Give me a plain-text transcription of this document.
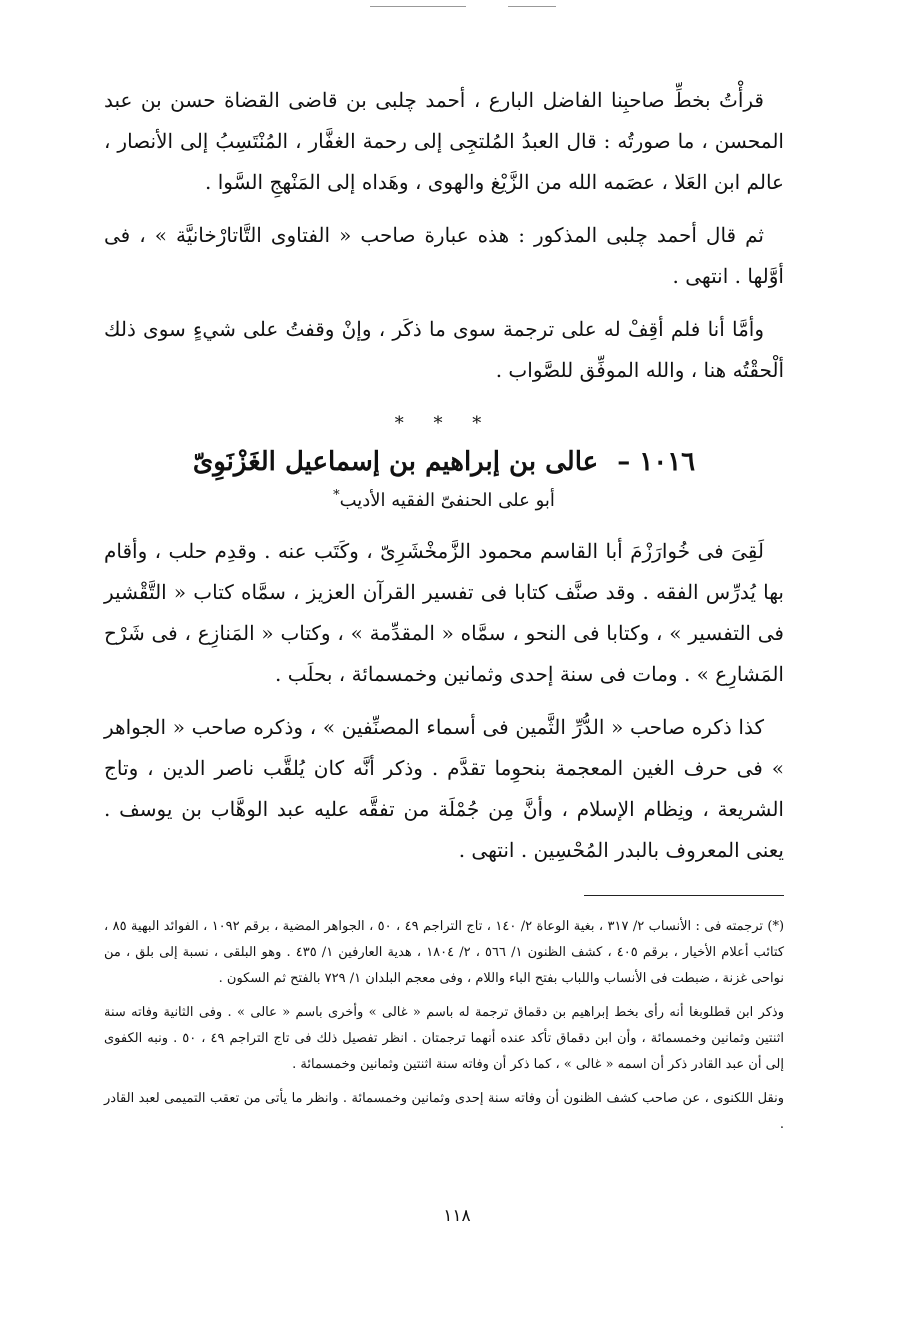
قرأْتُ بخطِّ صاحبِنا الفاضل البارع ، أحمد چلبى بن قاضى القضاة حسن بن عبد المحسن ، ما صورتُه : قال العبدُ المُلتجِى إلى رحمة الغفَّار ، المُنْتَسِبُ إلى الأنصار ، عالم ابن العَلا ، عصَمه الله من الزَّيْغ والهوى ، وهَداه إلى المَنْهجِ السَّوا .

ثم قال أحمد چلبى المذكور : هذه عبارة صاحب « الفتاوى التَّاتارْخانيَّة » ، فى أوَّلها . انتهى .

وأمَّا أنا فلم أقِفْ له على ترجمة سوى ما ذكَر ، وإنْ وقفتُ على شيءٍ سوى ذلك ألْحقْتُه هنا ، والله الموفِّق للصَّواب .

* * *
١٠١٦ – عالى بن إبراهيم بن إسماعيل الغَزْنَوِىّ
أبو على الحنفىّ الفقيه الأديب*

لَقِىَ فى خُوارَزْمَ أبا القاسم محمود الزَّمخْشَرِىّ ، وكَتَب عنه . وقدِم حلب ، وأقام بها يُدرِّس الفقه . وقد صنَّف كتابا فى تفسير القرآن العزيز ، سمَّاه كتاب « التَّقْشير فى التفسير » ، وكتابا فى النحو ، سمَّاه « المقدِّمة » ، وكتاب « المَنازِع ، فى شَرْح المَشارِع » . ومات فى سنة إحدى وثمانين وخمسمائة ، بحلَب .

كذا ذكره صاحب « الدُّرِّ الثَّمين فى أسماء المصنِّفين » ، وذكره صاحب « الجواهر » فى حرف الغين المعجمة بنحوِما تقدَّم . وذكر أنَّه كان يُلقَّب ناصر الدين ، وتاج الشريعة ، ونِظام الإسلام ، وأنَّ مِن جُمْلَة من تفقَّه عليه عبد الوهَّاب بن يوسف . يعنى المعروف بالبدر المُحْسِين . انتهى .

(*) ترجمته فى : الأنساب ٢/ ٣١٧ ، بغية الوعاة ٢/ ١٤٠ ، تاج التراجم ٤٩ ، ٥٠ ، الجواهر المضية ، برقم ١٠٩٢ ، الفوائد البهية ٨٥ ، كتائب أعلام الأخيار ، برقم ٤٠٥ ، كشف الظنون ١/ ٥٦٦ ، ٢/ ١٨٠٤ ، هدية العارفين ١/ ٤٣٥ . وهو البلقى ، نسبة إلى بلق ، من نواحى غزنة ، ضبطت فى الأنساب واللباب بفتح الباء واللام ، وفى معجم البلدان ١/ ٧٢٩ بالفتح ثم السكون .

وذكر ابن قطلوبغا أنه رأى بخط إبراهيم بن دقماق ترجمة له باسم « غالى » وأخرى باسم « عالى » . وفى الثانية وفاته سنة اثنتين وثمانين وخمسمائة ، وأن ابن دقماق تأكد عنده أنهما ترجمتان . انظر تفصيل ذلك فى تاج التراجم ٤٩ ، ٥٠ . ونبه الكفوى إلى أن عبد القادر ذكر أن اسمه « غالى » ، كما ذكر أن وفاته سنة اثنتين وثمانين وخمسمائة .

ونقل اللكنوى ، عن صاحب كشف الظنون أن وفاته سنة إحدى وثمانين وخمسمائة . وانظر ما يأتى من تعقب التميمى لعبد القادر .

١١٨
